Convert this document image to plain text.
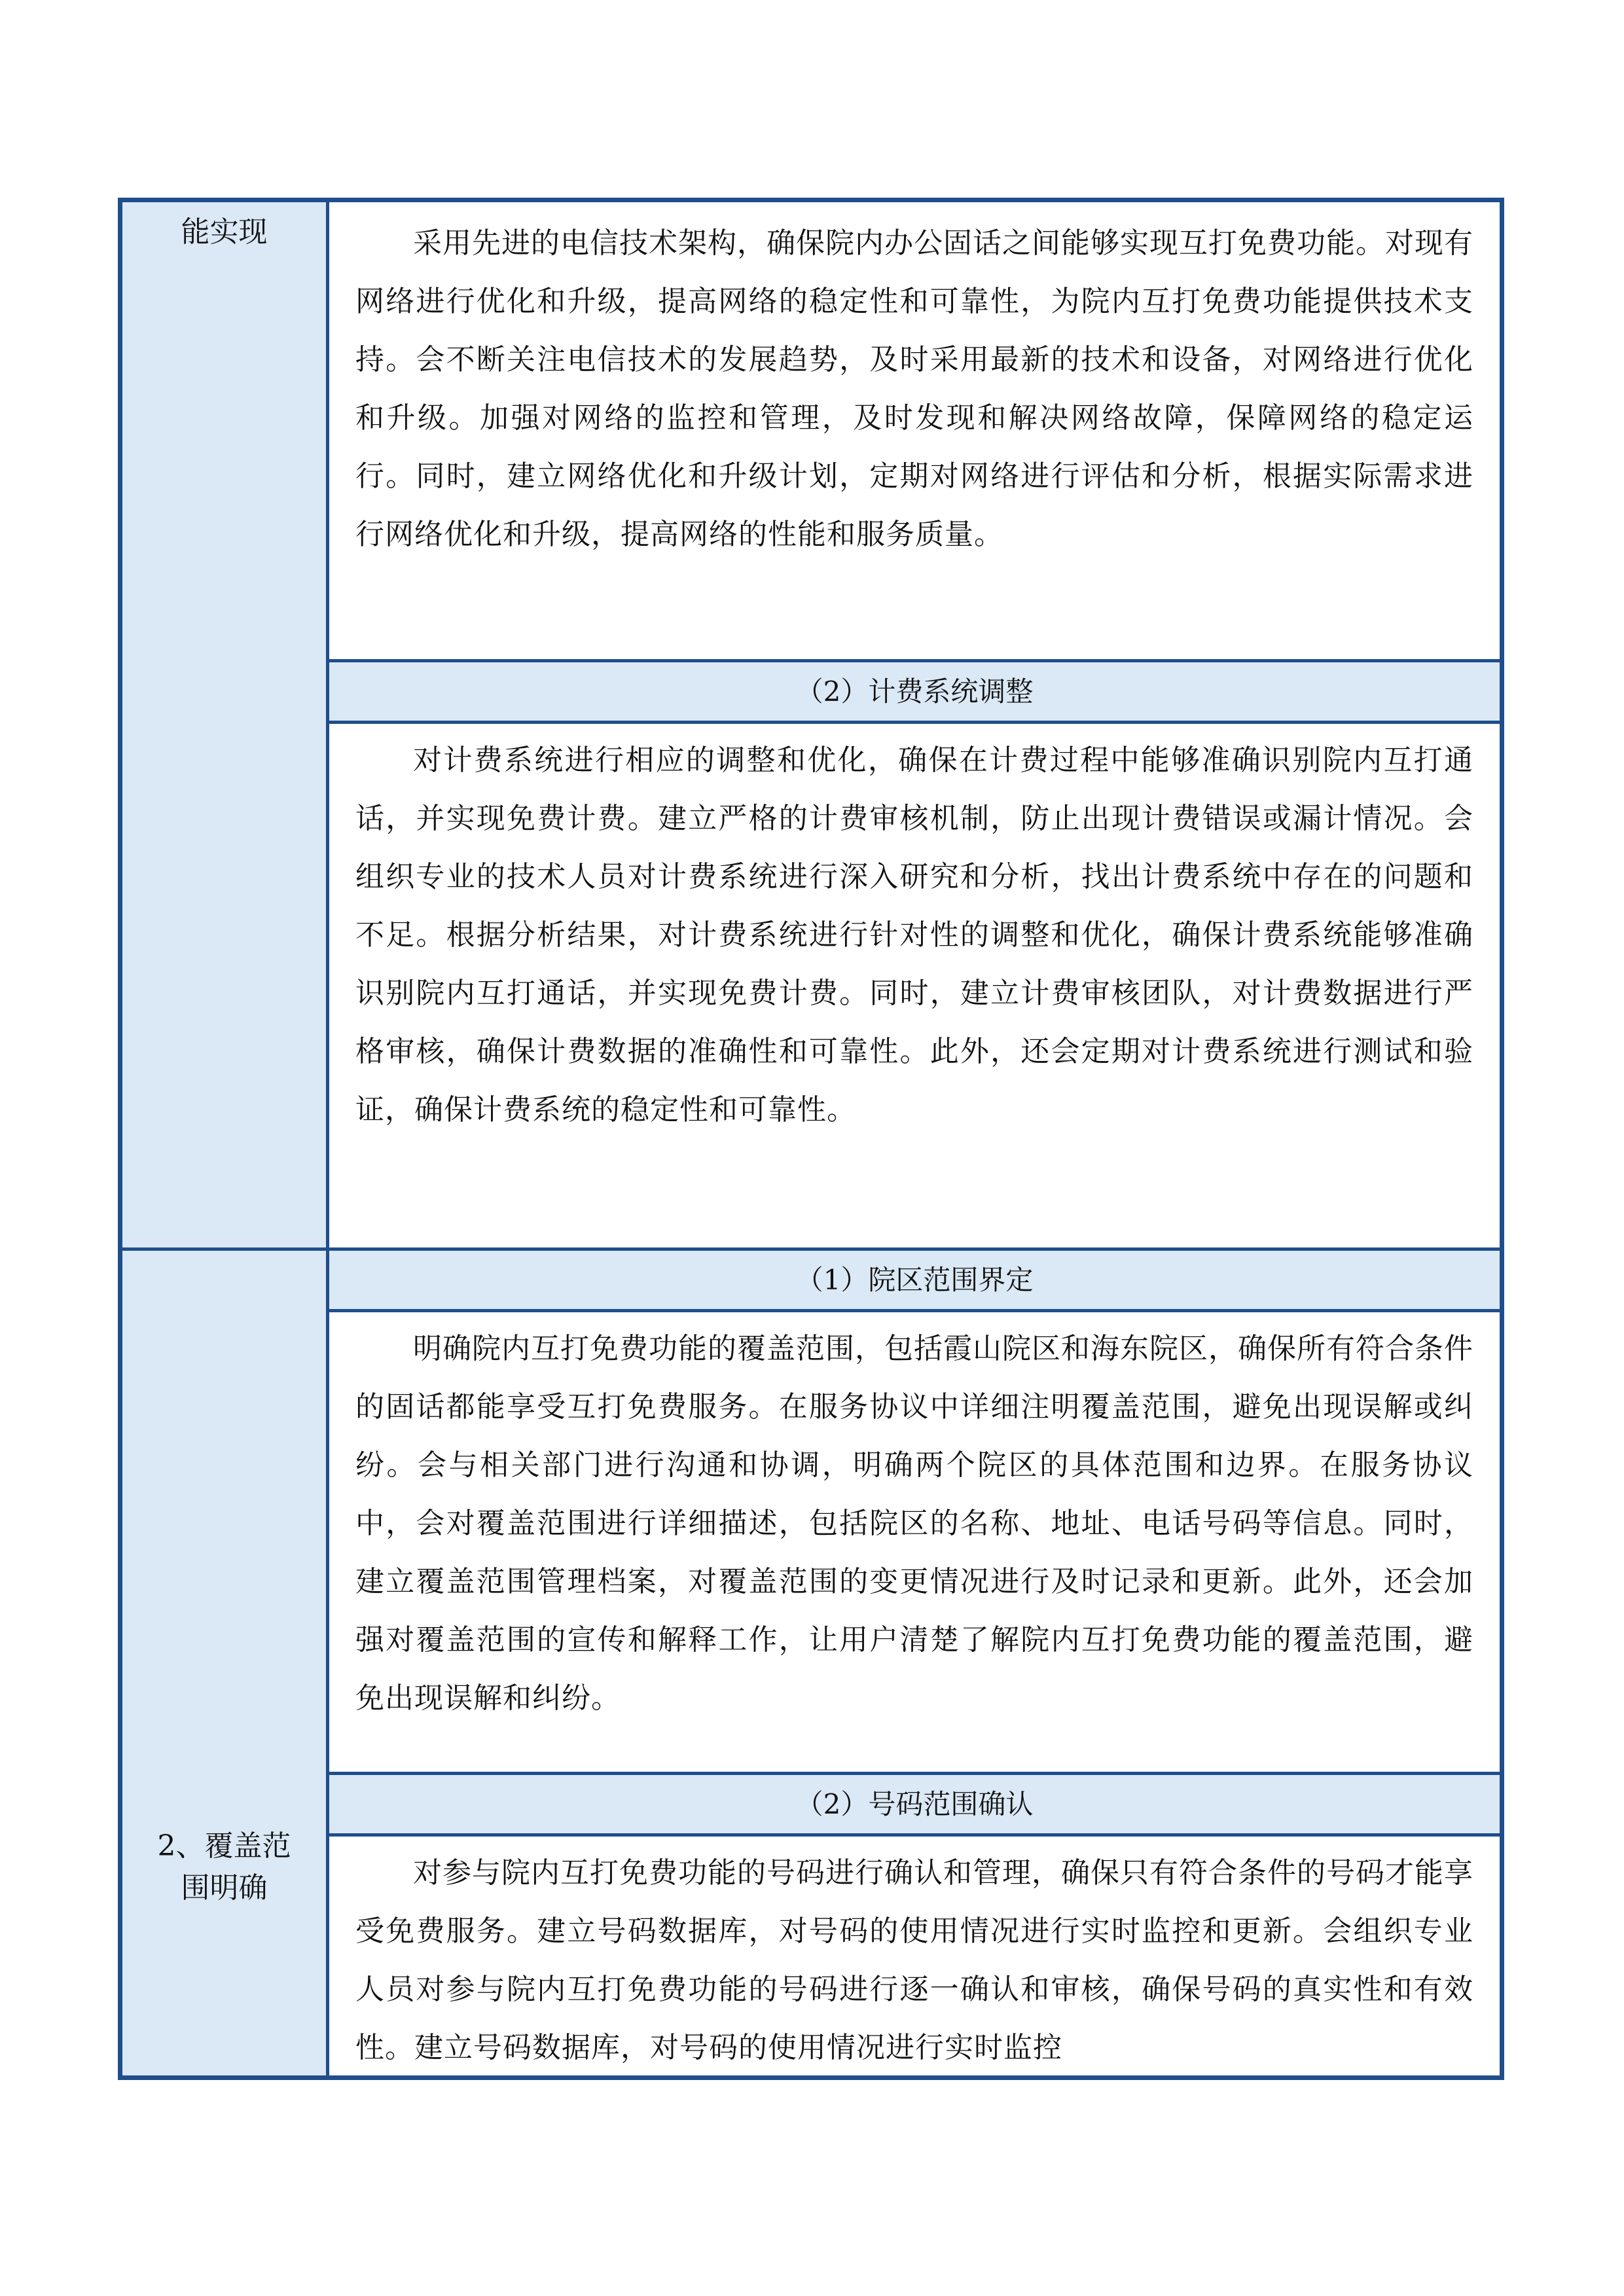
能实现
2、覆盖范
围明确

采用先进的电信技术架构，确保院内办公固话之间能够实现互打免费功能。对现有网络进行优化和升级，提高网络的稳定性和可靠性，为院内互打免费功能提供技术支持。会不断关注电信技术的发展趋势，及时采用最新的技术和设备，对网络进行优化和升级。加强对网络的监控和管理，及时发现和解决网络故障，保障网络的稳定运行。同时，建立网络优化和升级计划，定期对网络进行评估和分析，根据实际需求进行网络优化和升级，提高网络的性能和服务质量。

（2）计费系统调整

对计费系统进行相应的调整和优化，确保在计费过程中能够准确识别院内互打通话，并实现免费计费。建立严格的计费审核机制，防止出现计费错误或漏计情况。会组织专业的技术人员对计费系统进行深入研究和分析，找出计费系统中存在的问题和不足。根据分析结果，对计费系统进行针对性的调整和优化，确保计费系统能够准确识别院内互打通话，并实现免费计费。同时，建立计费审核团队，对计费数据进行严格审核，确保计费数据的准确性和可靠性。此外，还会定期对计费系统进行测试和验证，确保计费系统的稳定性和可靠性。

（1）院区范围界定

明确院内互打免费功能的覆盖范围，包括霞山院区和海东院区，确保所有符合条件的固话都能享受互打免费服务。在服务协议中详细注明覆盖范围，避免出现误解或纠纷。会与相关部门进行沟通和协调，明确两个院区的具体范围和边界。在服务协议中，会对覆盖范围进行详细描述，包括院区的名称、地址、电话号码等信息。同时，建立覆盖范围管理档案，对覆盖范围的变更情况进行及时记录和更新。此外，还会加强对覆盖范围的宣传和解释工作，让用户清楚了解院内互打免费功能的覆盖范围，避免出现误解和纠纷。

（2）号码范围确认

对参与院内互打免费功能的号码进行确认和管理，确保只有符合条件的号码才能享受免费服务。建立号码数据库，对号码的使用情况进行实时监控和更新。会组织专业人员对参与院内互打免费功能的号码进行逐一确认和审核，确保号码的真实性和有效性。建立号码数据库，对号码的使用情况进行实时监控
